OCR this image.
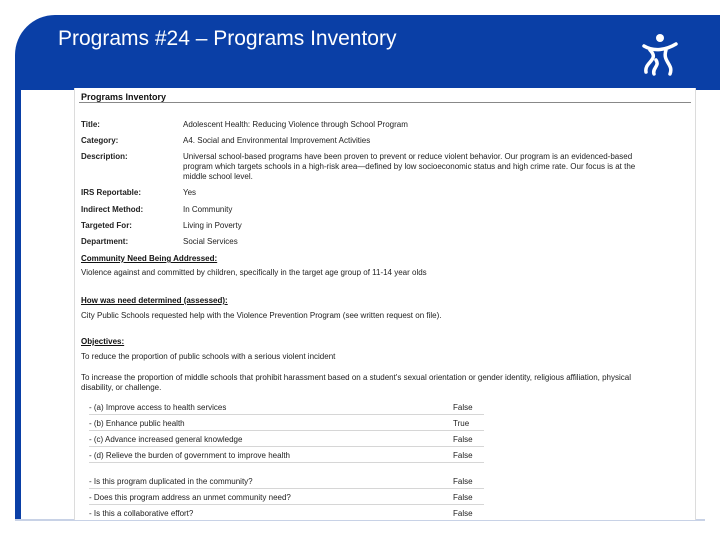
Programs #24 – Programs Inventory
Programs Inventory
Title:	Adolescent Health: Reducing Violence through School Program
Category:	A4. Social and Environmental Improvement Activities
Description:	Universal school-based programs have been proven to prevent or reduce violent behavior. Our program is an evidenced-based program which targets schools in a high-risk area—defined by low socioeconomic status and high crime rate. Our focus is at the middle school level.
IRS Reportable:	Yes
Indirect Method:	In Community
Targeted For:	Living in Poverty
Department:	Social Services
Community Need Being Addressed:
Violence against and committed by children, specifically in the target age group of 11-14 year olds
How was need determined (assessed):
City Public Schools requested help with the Violence Prevention Program (see written request on file).
Objectives:
To reduce the proportion of public schools with a serious violent incident
To increase the proportion of middle schools that prohibit harassment based on a student's sexual orientation or gender identity, religious affiliation, physical disability, or challenge.
- (a) Improve access to health services	False
- (b) Enhance public health	True
- (c) Advance increased general knowledge	False
- (d) Relieve the burden of government to improve health	False
- Is this program duplicated in the community?	False
- Does this program address an unmet community need?	False
- Is this a collaborative effort?	False
